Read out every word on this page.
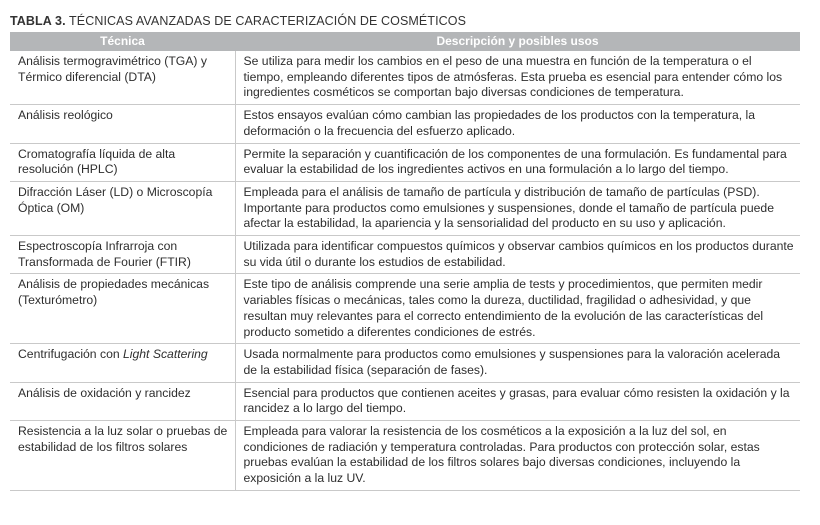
TABLA 3. TÉCNICAS AVANZADAS DE CARACTERIZACIÓN DE COSMÉTICOS
Técnica	Descripción y posibles usos
Análisis termogravimétrico (TGA) y Térmico diferencial (DTA)	Se utiliza para medir los cambios en el peso de una muestra en función de la temperatura o el tiempo, empleando diferentes tipos de atmósferas. Esta prueba es esencial para entender cómo los ingredientes cosméticos se comportan bajo diversas condiciones de temperatura.
Análisis reológico	Estos ensayos evalúan cómo cambian las propiedades de los productos con la temperatura, la deformación o la frecuencia del esfuerzo aplicado.
Cromatografía líquida de alta resolución (HPLC)	Permite la separación y cuantificación de los componentes de una formulación. Es fundamental para evaluar la estabilidad de los ingredientes activos en una formulación a lo largo del tiempo.
Difracción Láser (LD) o Microscopía Óptica (OM)	Empleada para el análisis de tamaño de partícula y distribución de tamaño de partículas (PSD). Importante para productos como emulsiones y suspensiones, donde el tamaño de partícula puede afectar la estabilidad, la apariencia y la sensorialidad del producto en su uso y aplicación.
Espectroscopía Infrarroja con Transformada de Fourier (FTIR)	Utilizada para identificar compuestos químicos y observar cambios químicos en los productos durante su vida útil o durante los estudios de estabilidad.
Análisis de propiedades mecánicas (Texturómetro)	Este tipo de análisis comprende una serie amplia de tests y procedimientos, que permiten medir variables físicas o mecánicas, tales como la dureza, ductilidad, fragilidad o adhesividad, y que resultan muy relevantes para el correcto entendimiento de la evolución de las características del producto sometido a diferentes condiciones de estrés.
Centrifugación con Light Scattering	Usada normalmente para productos como emulsiones y suspensiones para la valoración acelerada de la estabilidad física (separación de fases).
Análisis de oxidación y rancidez	Esencial para productos que contienen aceites y grasas, para evaluar cómo resisten la oxidación y la rancidez a lo largo del tiempo.
Resistencia a la luz solar o pruebas de estabilidad de los filtros solares	Empleada para valorar la resistencia de los cosméticos a la exposición a la luz del sol, en condiciones de radiación y temperatura controladas. Para productos con protección solar, estas pruebas evalúan la estabilidad de los filtros solares bajo diversas condiciones, incluyendo la exposición a la luz UV.
